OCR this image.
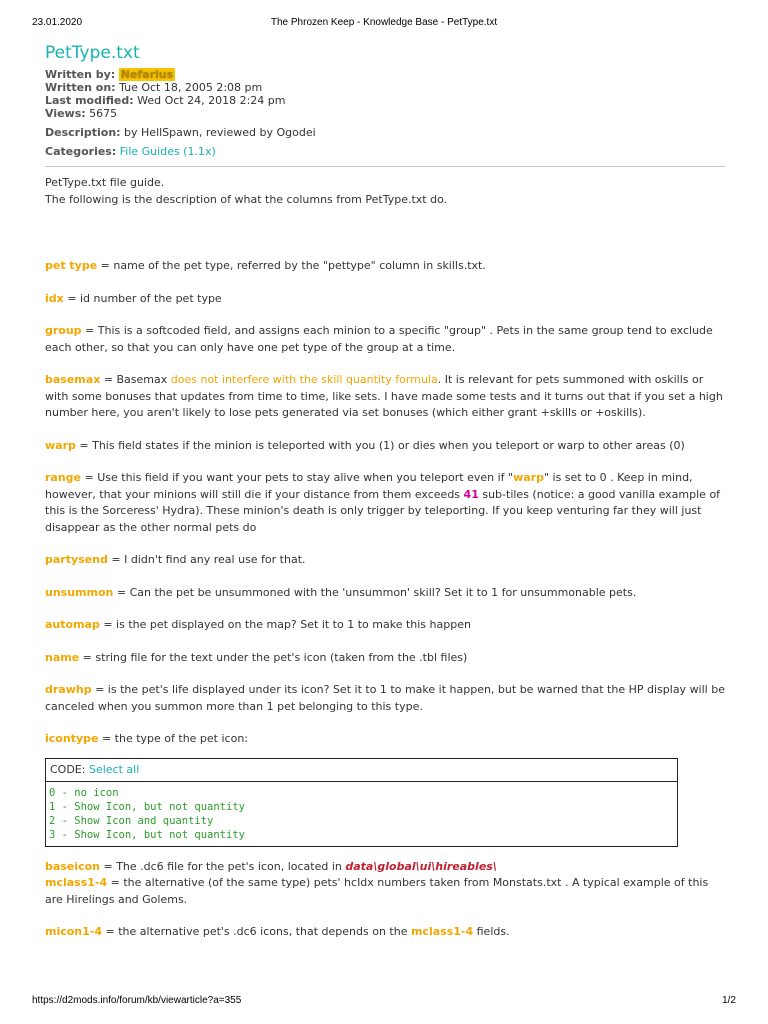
23.01.2020	The Phrozen Keep - Knowledge Base - PetType.txt
PetType.txt
Written by: Nefarius
Written on: Tue Oct 18, 2005 2:08 pm
Last modified: Wed Oct 24, 2018 2:24 pm
Views: 5675
Description: by HellSpawn, reviewed by Ogodei
Categories: File Guides (1.1x)

PetType.txt file guide.

The following is the description of what the columns from PetType.txt do.

pet type = name of the pet type, referred by the "pettype" column in skills.txt.

idx = id number of the pet type

group = This is a softcoded field, and assigns each minion to a specific "group" . Pets in the same group tend to exclude each other, so that you can only have one pet type of the group at a time.

basemax = Basemax does not interfere with the skill quantity formula. It is relevant for pets summoned with oskills or with some bonuses that updates from time to time, like sets. I have made some tests and it turns out that if you set a high number here, you aren't likely to lose pets generated via set bonuses (which either grant +skills or +oskills).

warp = This field states if the minion is teleported with you (1) or dies when you teleport or warp to other areas (0)

range = Use this field if you want your pets to stay alive when you teleport even if "warp" is set to 0 . Keep in mind, however, that your minions will still die if your distance from them exceeds 41 sub-tiles (notice: a good vanilla example of this is the Sorceress' Hydra). These minion's death is only trigger by teleporting. If you keep venturing far they will just disappear as the other normal pets do

partysend = I didn't find any real use for that.

unsummon = Can the pet be unsummoned with the 'unsummon' skill? Set it to 1 for unsummonable pets.

automap = is the pet displayed on the map? Set it to 1 to make this happen

name = string file for the text under the pet's icon (taken from the .tbl files)

drawhp = is the pet's life displayed under its icon? Set it to 1 to make it happen, but be warned that the HP display will be canceled when you summon more than 1 pet belonging to this type.

icontype = the type of the pet icon:

CODE: Select all
0 - no icon
1 - Show Icon, but not quantity
2 - Show Icon and quantity
3 - Show Icon, but not quantity

baseicon = The .dc6 file for the pet's icon, located in data\global\ui\hireables\

mclass1-4 = the alternative (of the same type) pets' hcIdx numbers taken from Monstats.txt . A typical example of this are Hirelings and Golems.

micon1-4 = the alternative pet's .dc6 icons, that depends on the mclass1-4 fields.

https://d2mods.info/forum/kb/viewarticle?a=355	1/2
